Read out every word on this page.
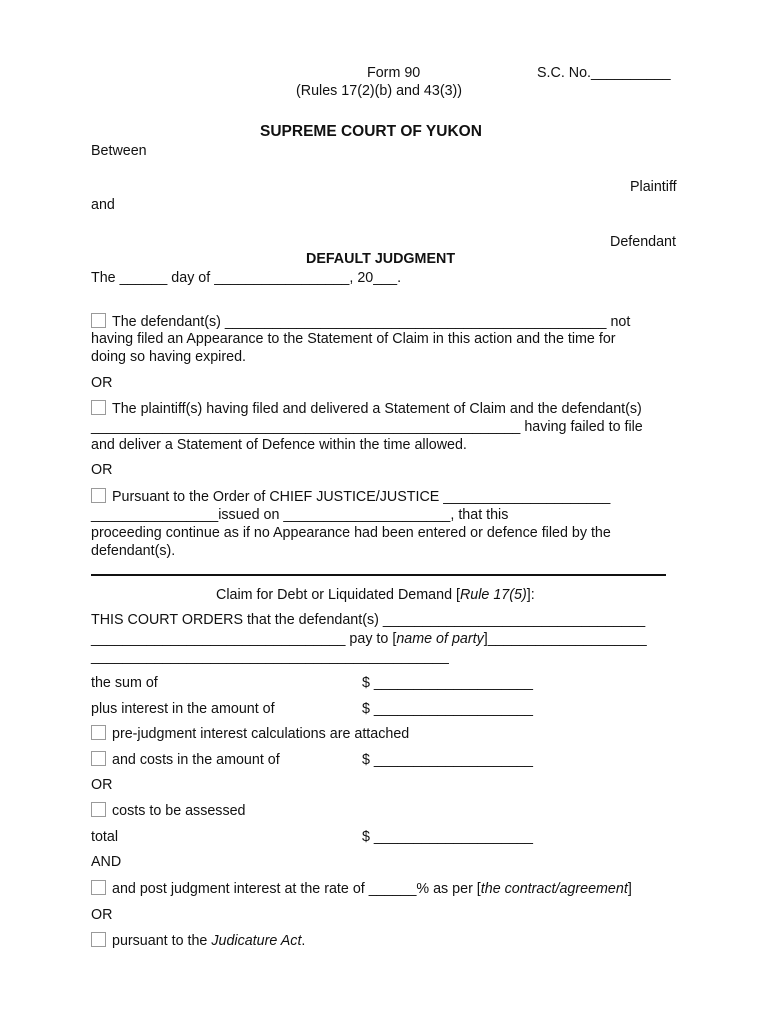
Form 90	S.C. No.__________
(Rules 17(2)(b) and 43(3))
SUPREME COURT OF YUKON
Between
Plaintiff
and
Defendant
DEFAULT JUDGMENT
The ______ day of _________________, 20___.
The defendant(s) ________________________________________________ not
having filed an Appearance to the Statement of Claim in this action and the time for
doing so having expired.
OR
The plaintiff(s) having filed and delivered a Statement of Claim and the defendant(s)
______________________________________________________ having failed to file
and deliver a Statement of Defence within the time allowed.
OR
Pursuant to the Order of CHIEF JUSTICE/JUSTICE _____________________
________________issued on _____________________, that this
proceeding continue as if no Appearance had been entered or defence filed by the
defendant(s).
Claim for Debt or Liquidated Demand [Rule 17(5)]:
THIS COURT ORDERS that the defendant(s) _________________________________
________________________________ pay to [name of party]____________________
_____________________________________________
the sum of	$ ____________________
plus interest in the amount of	$ ____________________
pre-judgment interest calculations are attached
and costs in the amount of	$ ____________________
OR
costs to be assessed
total	$ ____________________
AND
and post judgment interest at the rate of ______% as per [the contract/agreement]
OR
pursuant to the Judicature Act.
